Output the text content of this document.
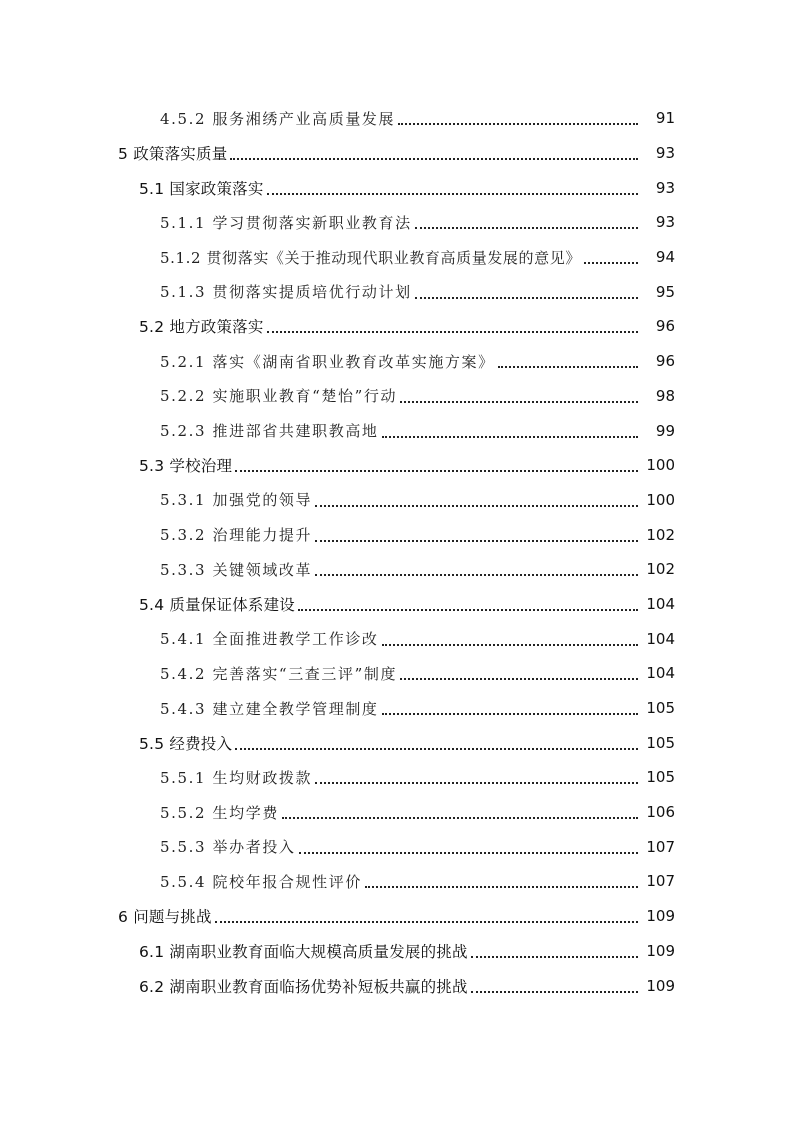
4.5.2 服务湘绣产业高质量发展	91
5 政策落实质量	93
5.1 国家政策落实	93
5.1.1 学习贯彻落实新职业教育法	93
5.1.2 贯彻落实《关于推动现代职业教育高质量发展的意见》	94
5.1.3 贯彻落实提质培优行动计划	95
5.2 地方政策落实	96
5.2.1 落实《湖南省职业教育改革实施方案》	96
5.2.2 实施职业教育“楚怡”行动	98
5.2.3 推进部省共建职教高地	99
5.3 学校治理	100
5.3.1 加强党的领导	100
5.3.2 治理能力提升	102
5.3.3 关键领域改革	102
5.4 质量保证体系建设	104
5.4.1 全面推进教学工作诊改	104
5.4.2 完善落实“三查三评”制度	104
5.4.3 建立建全教学管理制度	105
5.5 经费投入	105
5.5.1 生均财政拨款	105
5.5.2 生均学费	106
5.5.3 举办者投入	107
5.5.4 院校年报合规性评价	107
6 问题与挑战	109
6.1 湖南职业教育面临大规模高质量发展的挑战	109
6.2 湖南职业教育面临扬优势补短板共赢的挑战	109
